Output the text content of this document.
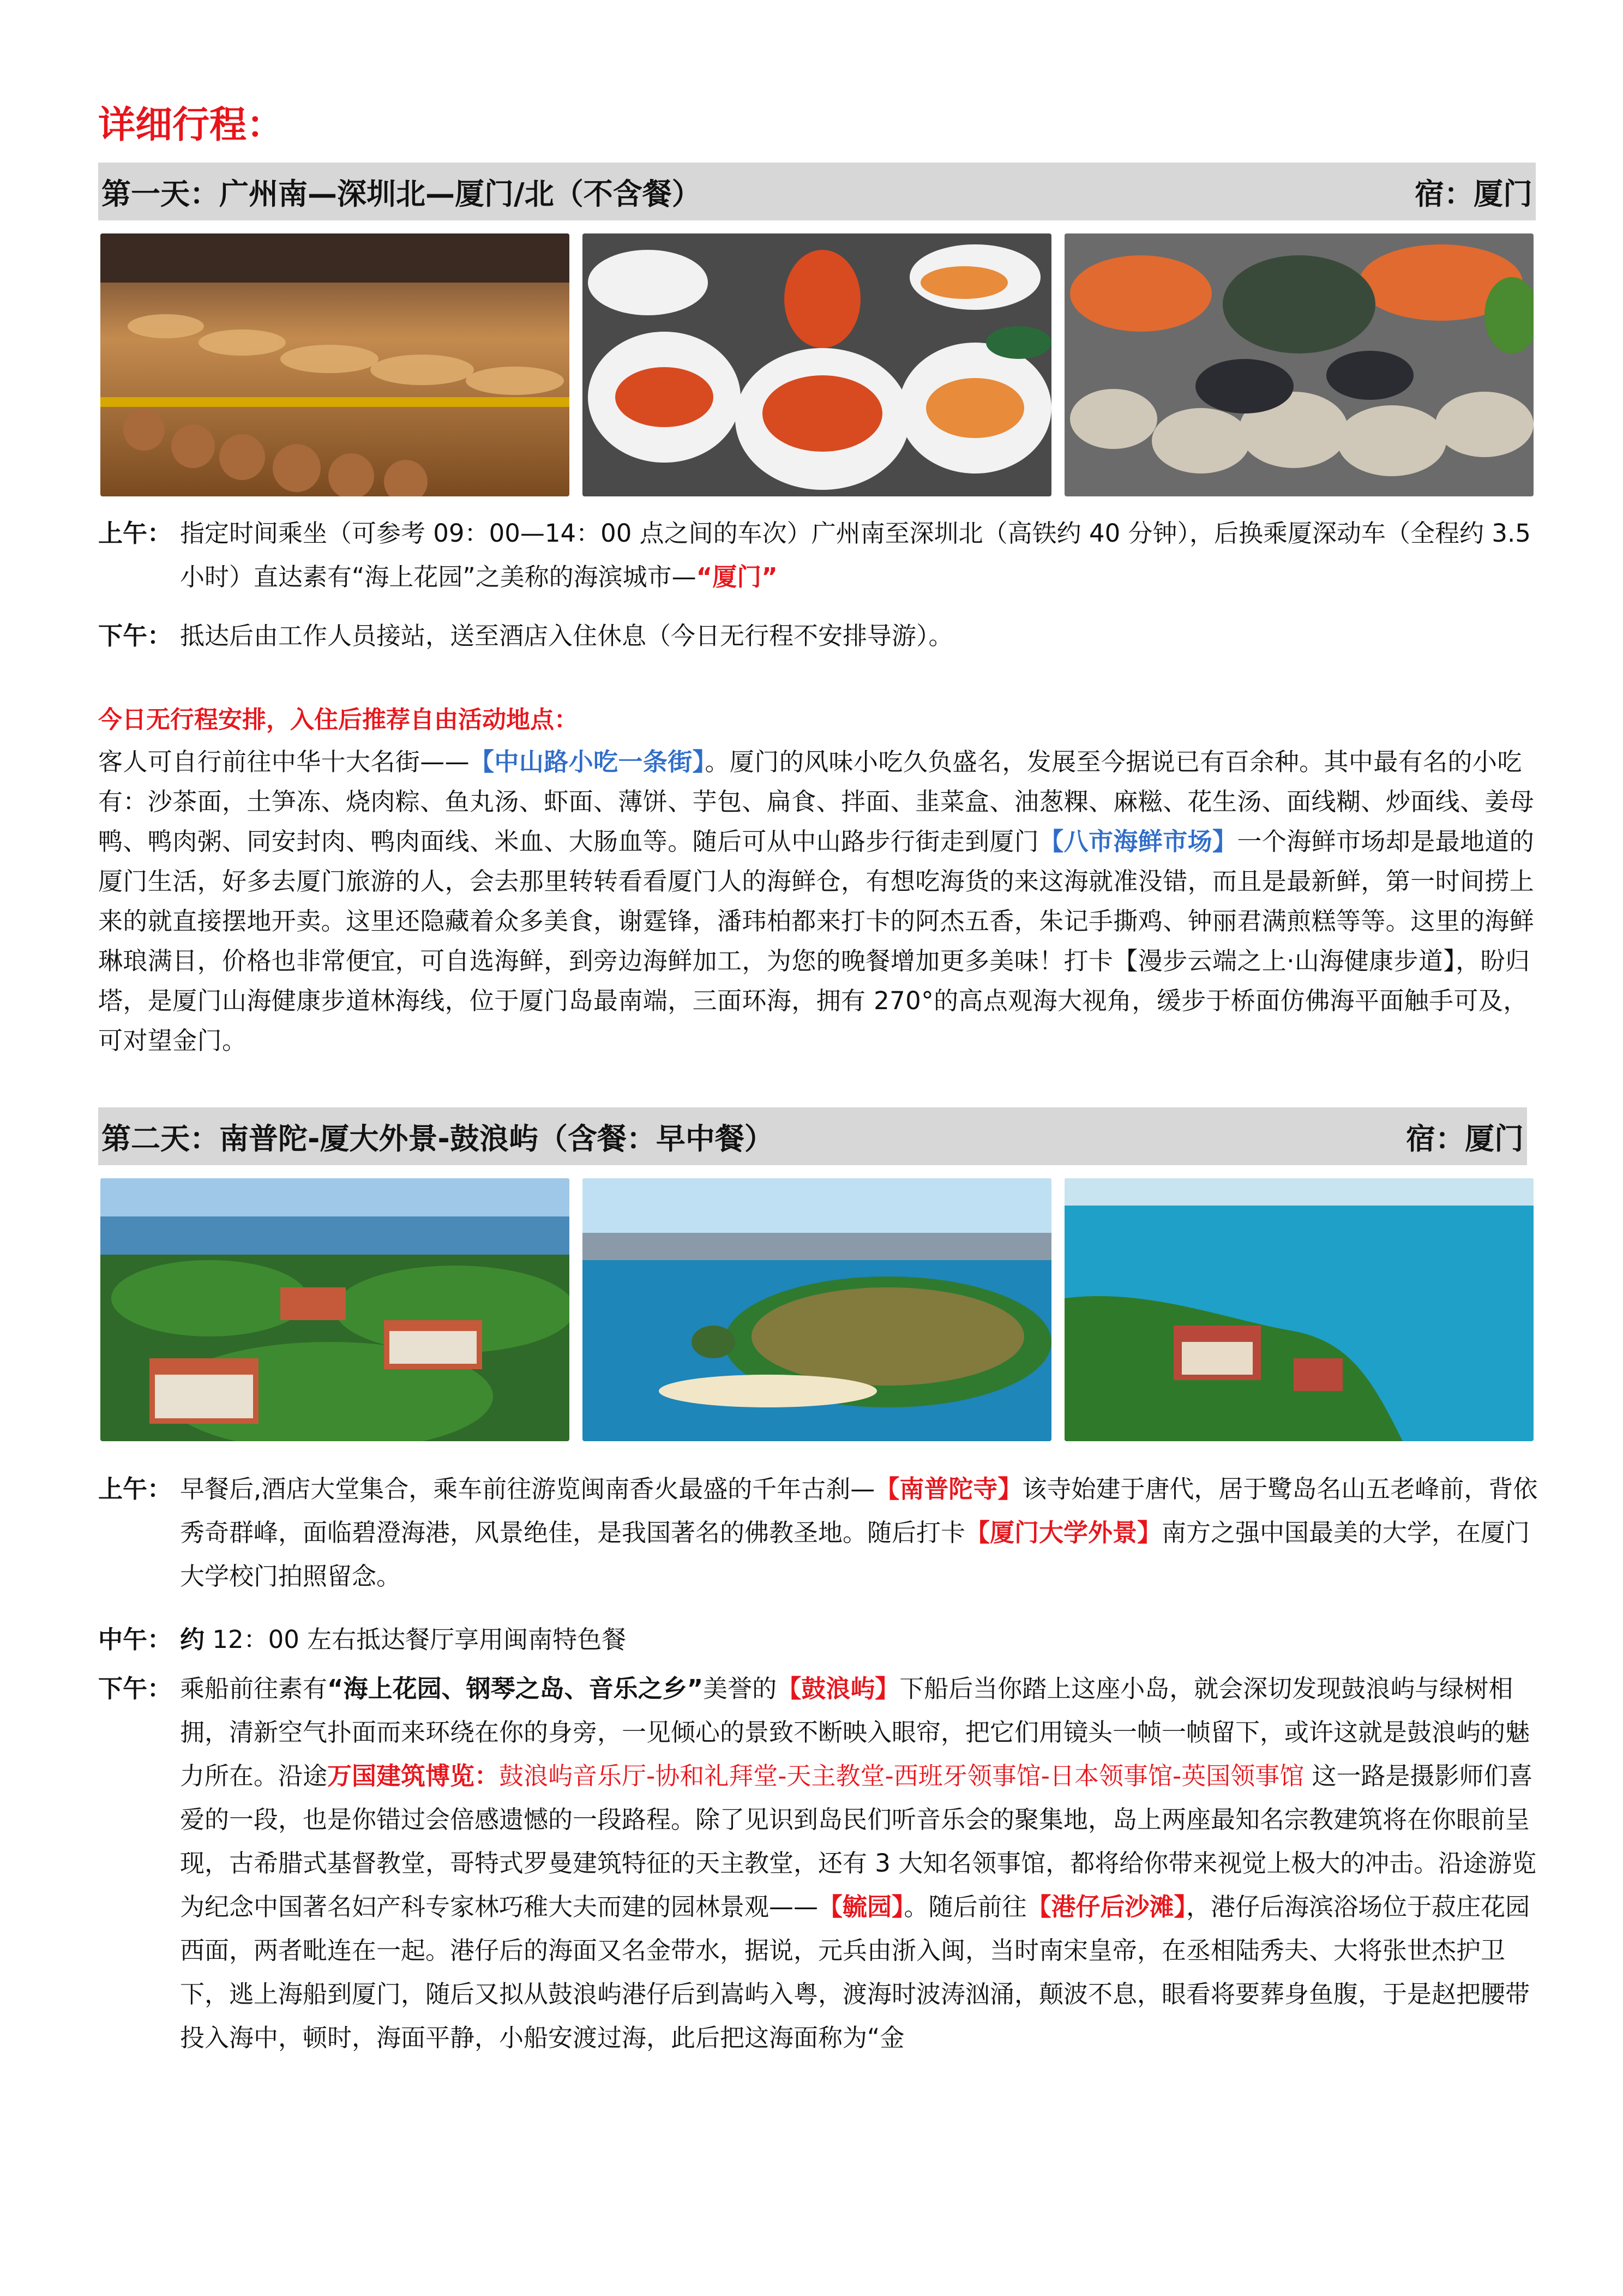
详细行程：
第一天：广州南—深圳北—厦门/北（不含餐）	宿：厦门
上午： 指定时间乘坐（可参考 09：00—14：00 点之间的车次）广州南至深圳北（高铁约 40 分钟），后换乘厦深动车（全程约 3.5 小时）直达素有“海上花园”之美称的海滨城市—“厦门”
下午： 抵达后由工作人员接站，送至酒店入住休息（今日无行程不安排导游）。
今日无行程安排，入住后推荐自由活动地点：

客人可自行前往中华十大名街——【中山路小吃一条街】。厦门的风味小吃久负盛名，发展至今据说已有百余种。其中最有名的小吃有：沙茶面，土笋冻、烧肉粽、鱼丸汤、虾面、薄饼、芋包、扁食、拌面、韭菜盒、油葱粿、麻糍、花生汤、面线糊、炒面线、姜母鸭、鸭肉粥、同安封肉、鸭肉面线、米血、大肠血等。随后可从中山路步行街走到厦门【八市海鲜市场】一个海鲜市场却是最地道的厦门生活，好多去厦门旅游的人，会去那里转转看看厦门人的海鲜仓，有想吃海货的来这海就准没错，而且是最新鲜，第一时间捞上来的就直接摆地开卖。这里还隐藏着众多美食，谢霆锋，潘玮柏都来打卡的阿杰五香，朱记手撕鸡、钟丽君满煎糕等等。这里的海鲜琳琅满目，价格也非常便宜，可自选海鲜，到旁边海鲜加工，为您的晚餐增加更多美味！打卡【漫步云端之上·山海健康步道】，盼归塔，是厦门山海健康步道林海线，位于厦门岛最南端，三面环海，拥有 270°的高点观海大视角，缓步于桥面仿佛海平面触手可及，可对望金门。

第二天：南普陀-厦大外景-鼓浪屿（含餐：早中餐）	宿：厦门
上午： 早餐后,酒店大堂集合，乘车前往游览闽南香火最盛的千年古刹—【南普陀寺】该寺始建于唐代，居于鹭岛名山五老峰前，背依秀奇群峰，面临碧澄海港，风景绝佳，是我国著名的佛教圣地。随后打卡【厦门大学外景】南方之强中国最美的大学，在厦门大学校门拍照留念。
中午： 约 12：00 左右抵达餐厅享用闽南特色餐
下午： 乘船前往素有“海上花园、钢琴之岛、音乐之乡”美誉的【鼓浪屿】下船后当你踏上这座小岛，就会深切发现鼓浪屿与绿树相拥，清新空气扑面而来环绕在你的身旁，一见倾心的景致不断映入眼帘，把它们用镜头一帧一帧留下，或许这就是鼓浪屿的魅力所在。沿途万国建筑博览：鼓浪屿音乐厅-协和礼拜堂-天主教堂-西班牙领事馆-日本领事馆-英国领事馆 这一路是摄影师们喜爱的一段，也是你错过会倍感遗憾的一段路程。除了见识到岛民们听音乐会的聚集地，岛上两座最知名宗教建筑将在你眼前呈现，古希腊式基督教堂，哥特式罗曼建筑特征的天主教堂，还有 3 大知名领事馆，都将给你带来视觉上极大的冲击。沿途游览为纪念中国著名妇产科专家林巧稚大夫而建的园林景观——【毓园】。随后前往【港仔后沙滩】，港仔后海滨浴场位于菽庄花园西面，两者毗连在一起。港仔后的海面又名金带水，据说，元兵由浙入闽，当时南宋皇帝，在丞相陆秀夫、大将张世杰护卫下，逃上海船到厦门，随后又拟从鼓浪屿港仔后到嵩屿入粤，渡海时波涛汹涌，颠波不息，眼看将要葬身鱼腹，于是赵把腰带投入海中，顿时，海面平静，小船安渡过海，此后把这海面称为“金
